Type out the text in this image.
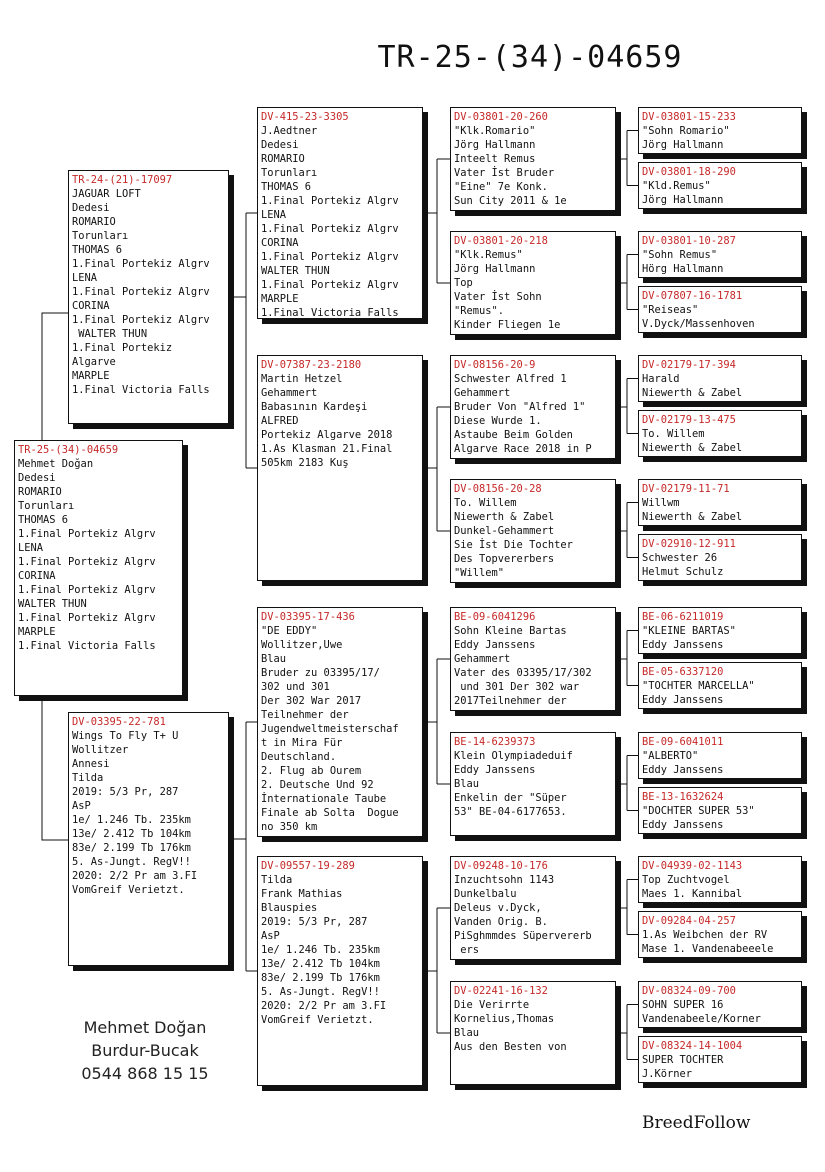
TR-25-(34)-04659
TR-25-(34)-04659
Mehmet Doğan
Dedesi
ROMARIO
Torunları
THOMAS 6
1.Final Portekiz Algrv
LENA
1.Final Portekiz Algrv
CORINA
1.Final Portekiz Algrv
WALTER THUN
1.Final Portekiz Algrv
MARPLE
1.Final Victoria Falls
TR-24-(21)-17097
JAGUAR LOFT
Dedesi
ROMARIO
Torunları
THOMAS 6
1.Final Portekiz Algrv
LENA
1.Final Portekiz Algrv
CORINA
1.Final Portekiz Algrv
WALTER THUN
1.Final Portekiz
Algarve
MARPLE
1.Final Victoria Falls
DV-03395-22-781
Wings To Fly T+ U
Wollitzer
Annesi
Tilda
2019: 5/3 Pr, 287
AsP
1e/ 1.246 Tb. 235km
13e/ 2.412 Tb 104km
83e/ 2.199 Tb 176km
5. As-Jungt. RegV!!
2020: 2/2 Pr am 3.FI
VomGreif Verietzt.
DV-415-23-3305
J.Aedtner
Dedesi
ROMARIO
Torunları
THOMAS 6
1.Final Portekiz Algrv
LENA
1.Final Portekiz Algrv
CORINA
1.Final Portekiz Algrv
WALTER THUN
1.Final Portekiz Algrv
MARPLE
1.Final Victoria Falls
DV-07387-23-2180
Martin Hetzel
Gehammert
Babasının Kardeşi
ALFRED
Portekiz Algarve 2018
1.As Klasman 21.Final
505km 2183 Kuş
DV-03395-17-436
"DE EDDY"
Wollitzer,Uwe
Blau
Bruder zu 03395/17/
302 und 301
Der 302 War 2017
Teilnehmer der
Jugendweltmeisterschaf
t in Mira Für
Deutschland.
2. Flug ab Ourem
2. Deutsche Und 92
İnternationale Taube
Finale ab Solta  Dogue
no 350 km
DV-09557-19-289
Tilda
Frank Mathias
Blauspies
2019: 5/3 Pr, 287
AsP
1e/ 1.246 Tb. 235km
13e/ 2.412 Tb 104km
83e/ 2.199 Tb 176km
5. As-Jungt. RegV!!
2020: 2/2 Pr am 3.FI
VomGreif Verietzt.
DV-03801-20-260
"Klk.Romario"
Jörg Hallmann
Inteelt Remus
Vater İst Bruder
"Eine" 7e Konk.
Sun City 2011 & 1e
DV-03801-20-218
"Klk.Remus"
Jörg Hallmann
Top
Vater İst Sohn
"Remus".
Kinder Fliegen 1e
DV-08156-20-9
Schwester Alfred 1
Gehammert
Bruder Von "Alfred 1"
Diese Wurde 1.
Astaube Beim Golden
Algarve Race 2018 in P
DV-08156-20-28
To. Willem
Niewerth & Zabel
Dunkel-Gehammert
Sie İst Die Tochter
Des Topvererbers
"Willem"
BE-09-6041296
Sohn Kleine Bartas
Eddy Janssens
Gehammert
Vater des 03395/17/302
und 301 Der 302 war
2017Teilnehmer der
BE-14-6239373
Klein Olympiadeduif
Eddy Janssens
Blau
Enkelin der "Süper
53" BE-04-6177653.
DV-09248-10-176
Inzuchtsohn 1143
Dunkelbalu
Deleus v.Dyck,
Vanden Orig. B.
PiSghmmdes Süpervererb
ers
DV-02241-16-132
Die Verirrte
Kornelius,Thomas
Blau
Aus den Besten von
DV-03801-15-233
"Sohn Romario"
Jörg Hallmann
DV-03801-18-290
"Kld.Remus"
Jörg Hallmann
DV-03801-10-287
"Sohn Remus"
Hörg Hallmann
DV-07807-16-1781
"Reiseas"
V.Dyck/Massenhoven
DV-02179-17-394
Harald
Niewerth & Zabel
DV-02179-13-475
To. Willem
Niewerth & Zabel
DV-02179-11-71
Willwm
Niewerth & Zabel
DV-02910-12-911
Schwester 26
Helmut Schulz
BE-06-6211019
"KLEINE BARTAS"
Eddy Janssens
BE-05-6337120
"TOCHTER MARCELLA"
Eddy Janssens
BE-09-6041011
"ALBERTO"
Eddy Janssens
BE-13-1632624
"DOCHTER SUPER 53"
Eddy Janssens
DV-04939-02-1143
Top Zuchtvogel
Maes 1. Kannibal
DV-09284-04-257
1.As Weibchen der RV
Mase 1. Vandenabeeele
DV-08324-09-700
SOHN SUPER 16
Vandenabeele/Korner
DV-08324-14-1004
SUPER TOCHTER
J.Körner
Mehmet Doğan
Burdur-Bucak
0544 868 15 15
BreedFollow
